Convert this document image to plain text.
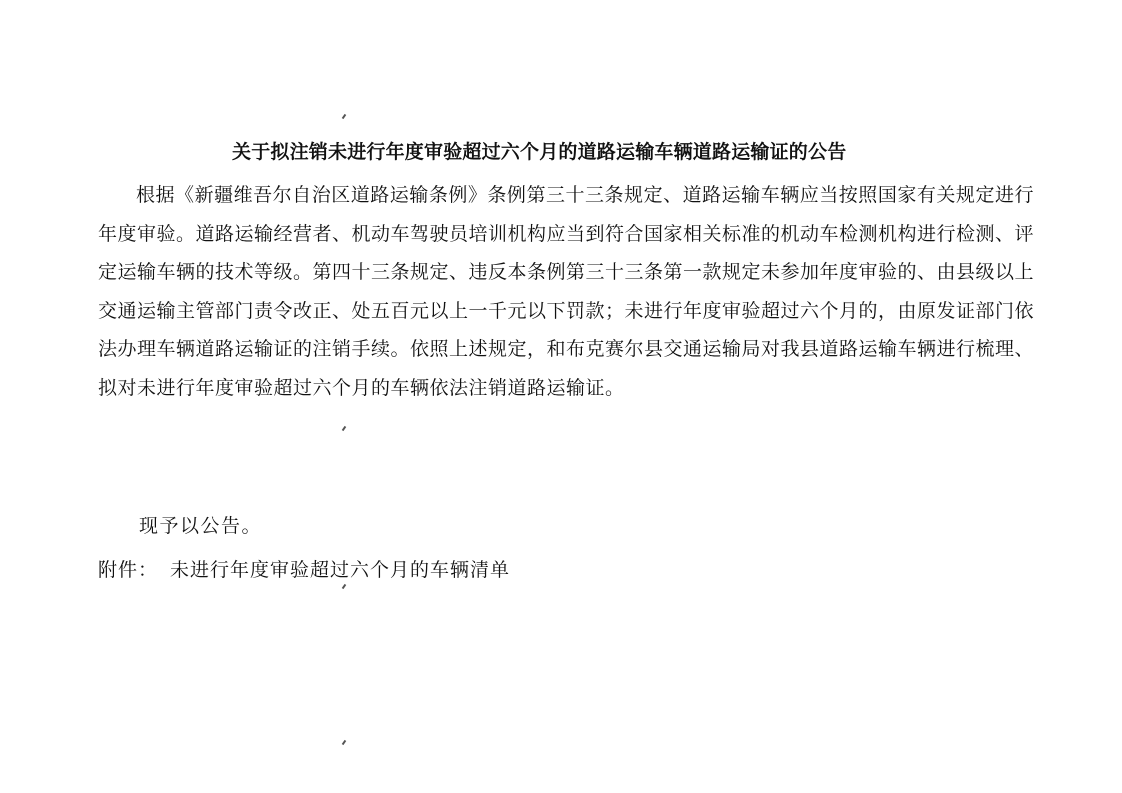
关于拟注销未进行年度审验超过六个月的道路运输车辆道路运输证的公告

根据《新疆维吾尔自治区道路运输条例》条例第三十三条规定、道路运输车辆应当按照国家有关规定进行年度审验。道路运输经营者、机动车驾驶员培训机构应当到符合国家相关标准的机动车检测机构进行检测、评定运输车辆的技术等级。第四十三条规定、违反本条例第三十三条第一款规定未参加年度审验的、由县级以上交通运输主管部门责令改正、处五百元以上一千元以下罚款；未进行年度审验超过六个月的，由原发证部门依法办理车辆道路运输证的注销手续。依照上述规定，和布克赛尔县交通运输局对我县道路运输车辆进行梳理、拟对未进行年度审验超过六个月的车辆依法注销道路运输证。

现予以公告。

附件： 未进行年度审验超过六个月的车辆清单
